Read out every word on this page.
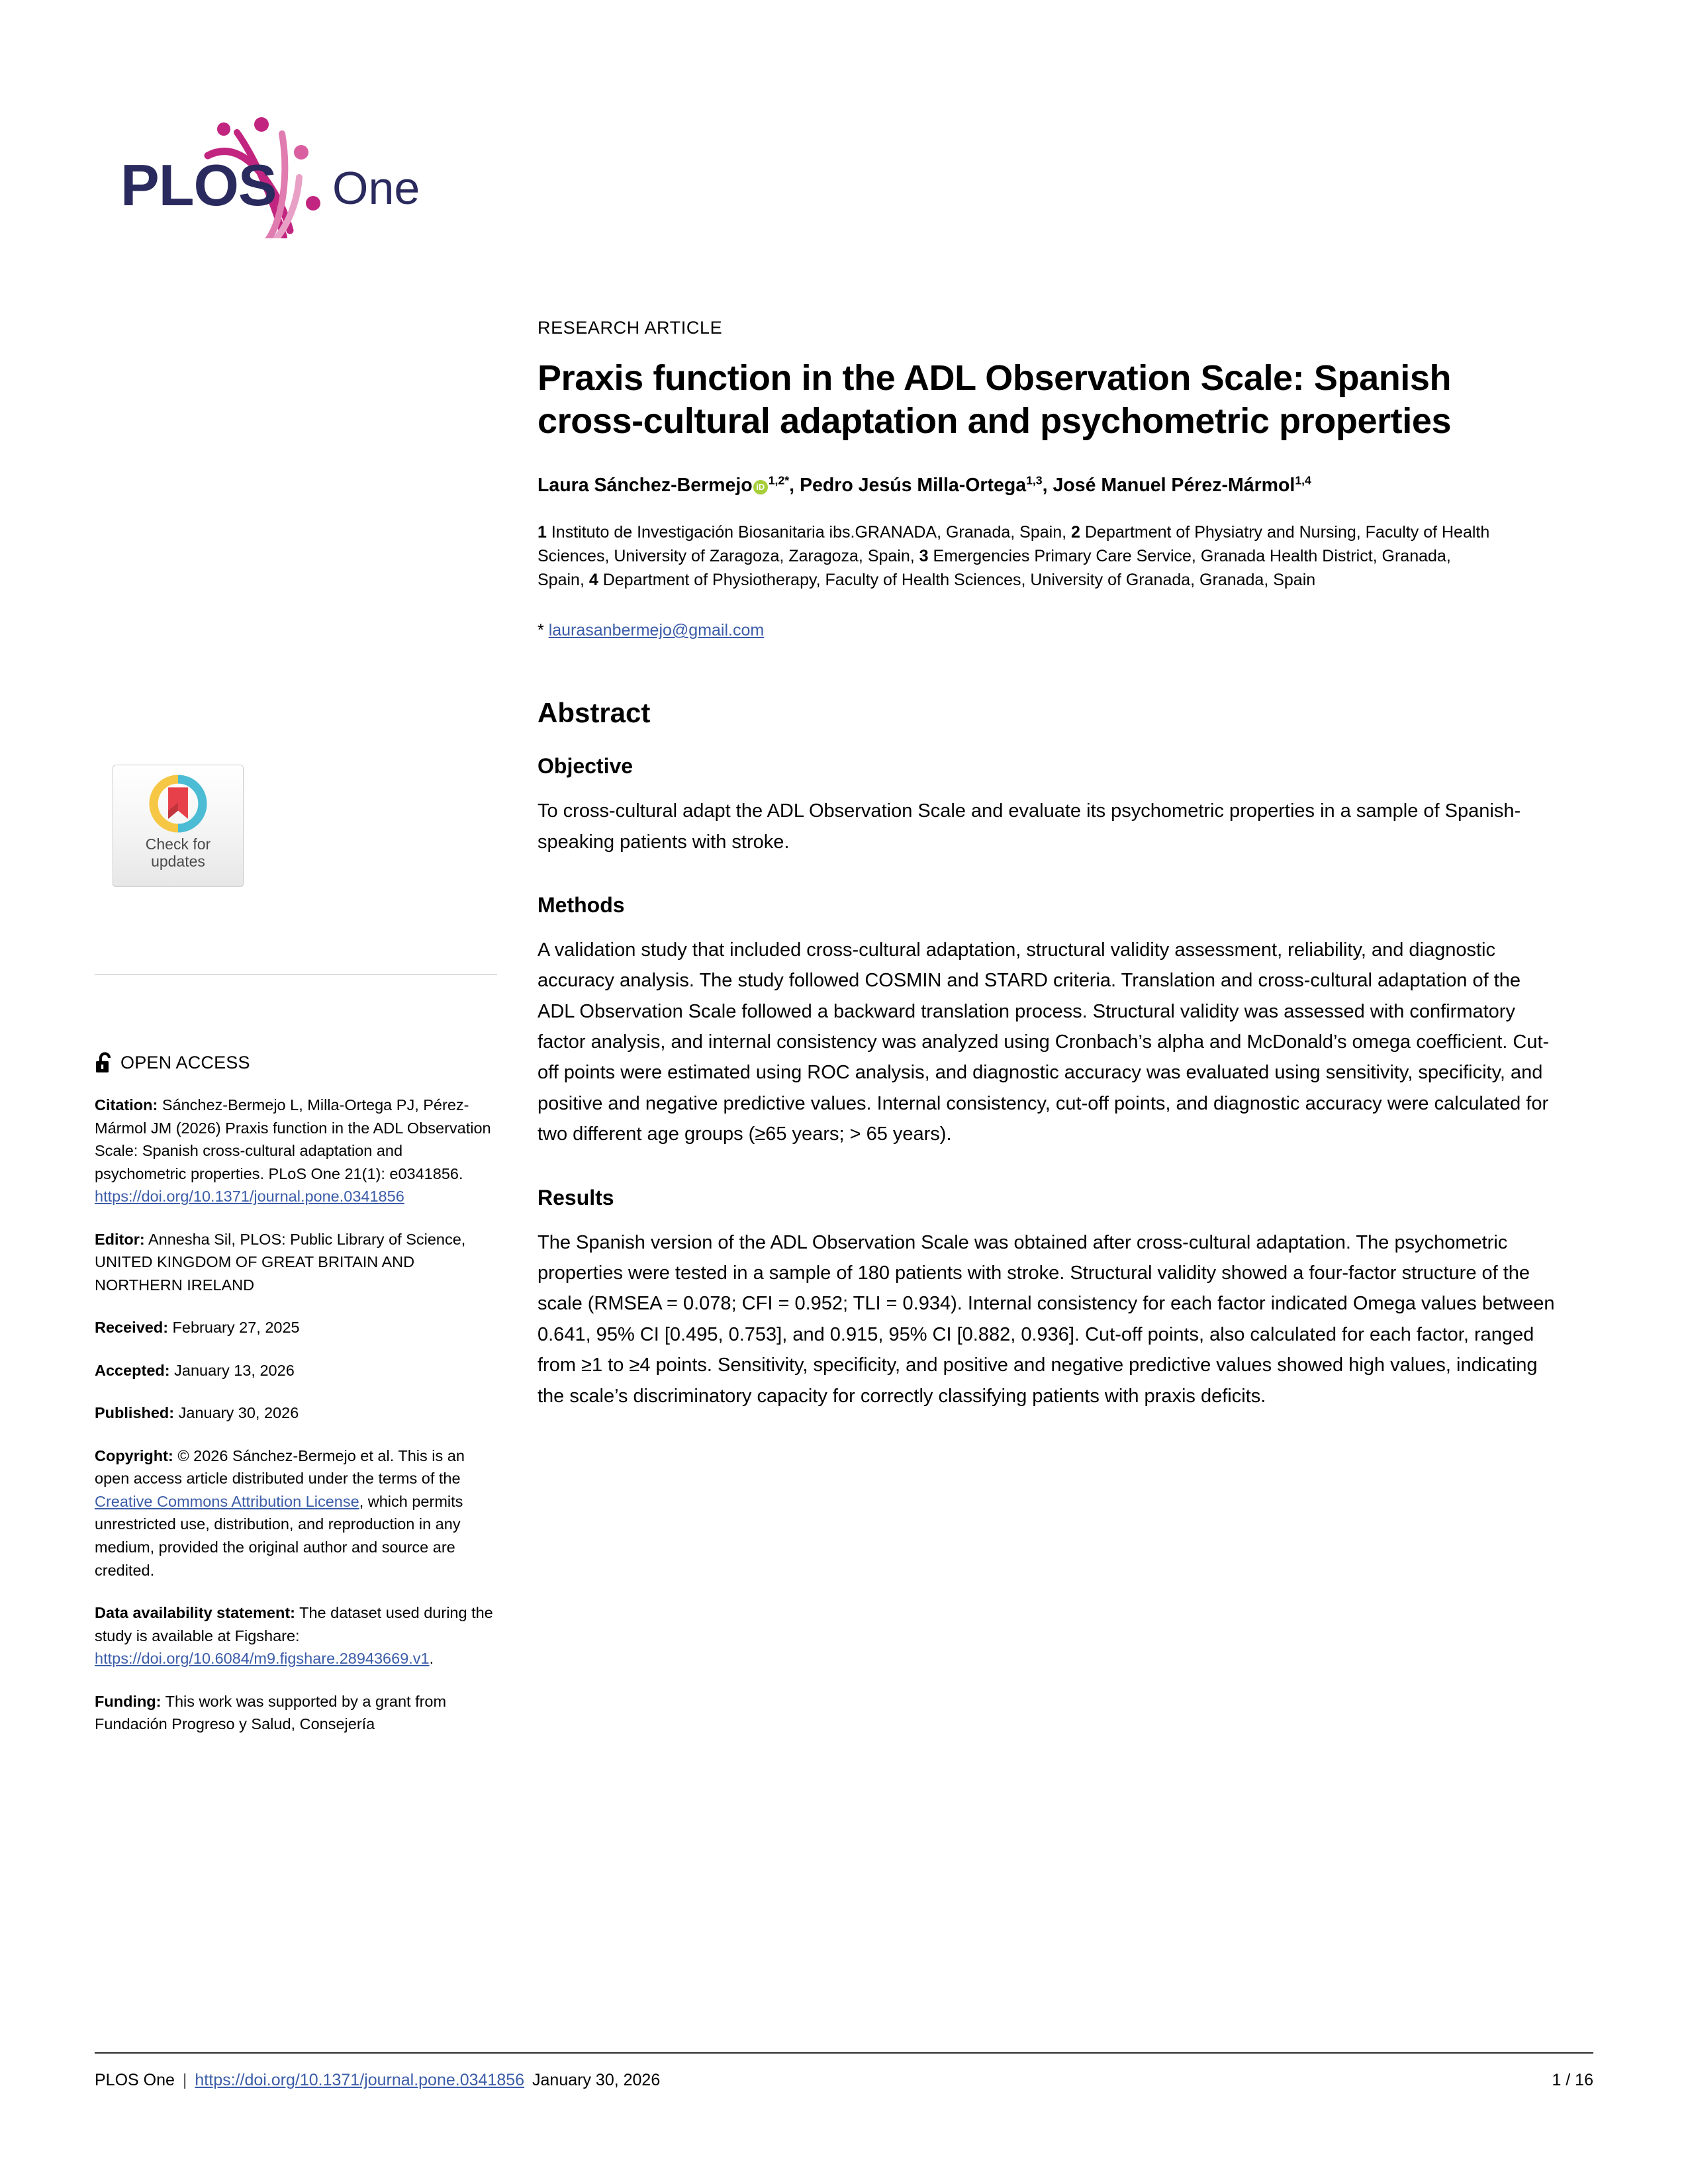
PLOS One
Check for
updates
OPEN ACCESS

Citation: Sánchez-Bermejo L, Milla-Ortega PJ, Pérez-Mármol JM (2026) Praxis function in the ADL Observation Scale: Spanish cross-cultural adaptation and psychometric properties. PLoS One 21(1): e0341856. https://doi.org/10.1371/journal.pone.0341856

Editor: Annesha Sil, PLOS: Public Library of Science, UNITED KINGDOM OF GREAT BRITAIN AND NORTHERN IRELAND

Received: February 27, 2025

Accepted: January 13, 2026

Published: January 30, 2026

Copyright: © 2026 Sánchez-Bermejo et al. This is an open access article distributed under the terms of the Creative Commons Attribution License, which permits unrestricted use, distribution, and reproduction in any medium, provided the original author and source are credited.

Data availability statement: The dataset used during the study is available at Figshare: https://doi.org/10.6084/m9.figshare.28943669.v1.

Funding: This work was supported by a grant from Fundación Progreso y Salud, Consejería

RESEARCH ARTICLE
Praxis function in the ADL Observation Scale: Spanish cross-cultural adaptation and psychometric properties
Laura Sánchez-Bermejo iD $^{1,2*}$, Pedro Jesús Milla-Ortega$^{1,3}$, José Manuel Pérez-Mármol$^{1,4}$
1 Instituto de Investigación Biosanitaria ibs.GRANADA, Granada, Spain, 2 Department of Physiatry and Nursing, Faculty of Health Sciences, University of Zaragoza, Zaragoza, Spain, 3 Emergencies Primary Care Service, Granada Health District, Granada, Spain, 4 Department of Physiotherapy, Faculty of Health Sciences, University of Granada, Granada, Spain
* laurasanbermejo@gmail.com
Abstract
Objective

To cross-cultural adapt the ADL Observation Scale and evaluate its psychometric properties in a sample of Spanish-speaking patients with stroke.

Methods

A validation study that included cross-cultural adaptation, structural validity assessment, reliability, and diagnostic accuracy analysis. The study followed COSMIN and STARD criteria. Translation and cross-cultural adaptation of the ADL Observation Scale followed a backward translation process. Structural validity was assessed with confirmatory factor analysis, and internal consistency was analyzed using Cronbach’s alpha and McDonald’s omega coefficient. Cut-off points were estimated using ROC analysis, and diagnostic accuracy was evaluated using sensitivity, specificity, and positive and negative predictive values. Internal consistency, cut-off points, and diagnostic accuracy were calculated for two different age groups (≥65 years; > 65 years).

Results

The Spanish version of the ADL Observation Scale was obtained after cross-cultural adaptation. The psychometric properties were tested in a sample of 180 patients with stroke. Structural validity showed a four-factor structure of the scale (RMSEA = 0.078; CFI = 0.952; TLI = 0.934). Internal consistency for each factor indicated Omega values between 0.641, 95% CI [0.495, 0.753], and 0.915, 95% CI [0.882, 0.936]. Cut-off points, also calculated for each factor, ranged from ≥1 to ≥4 points. Sensitivity, specificity, and positive and negative predictive values showed high values, indicating the scale’s discriminatory capacity for correctly classifying patients with praxis deficits.

PLOS One | https://doi.org/10.1371/journal.pone.0341856 January 30, 2026	1 / 16
